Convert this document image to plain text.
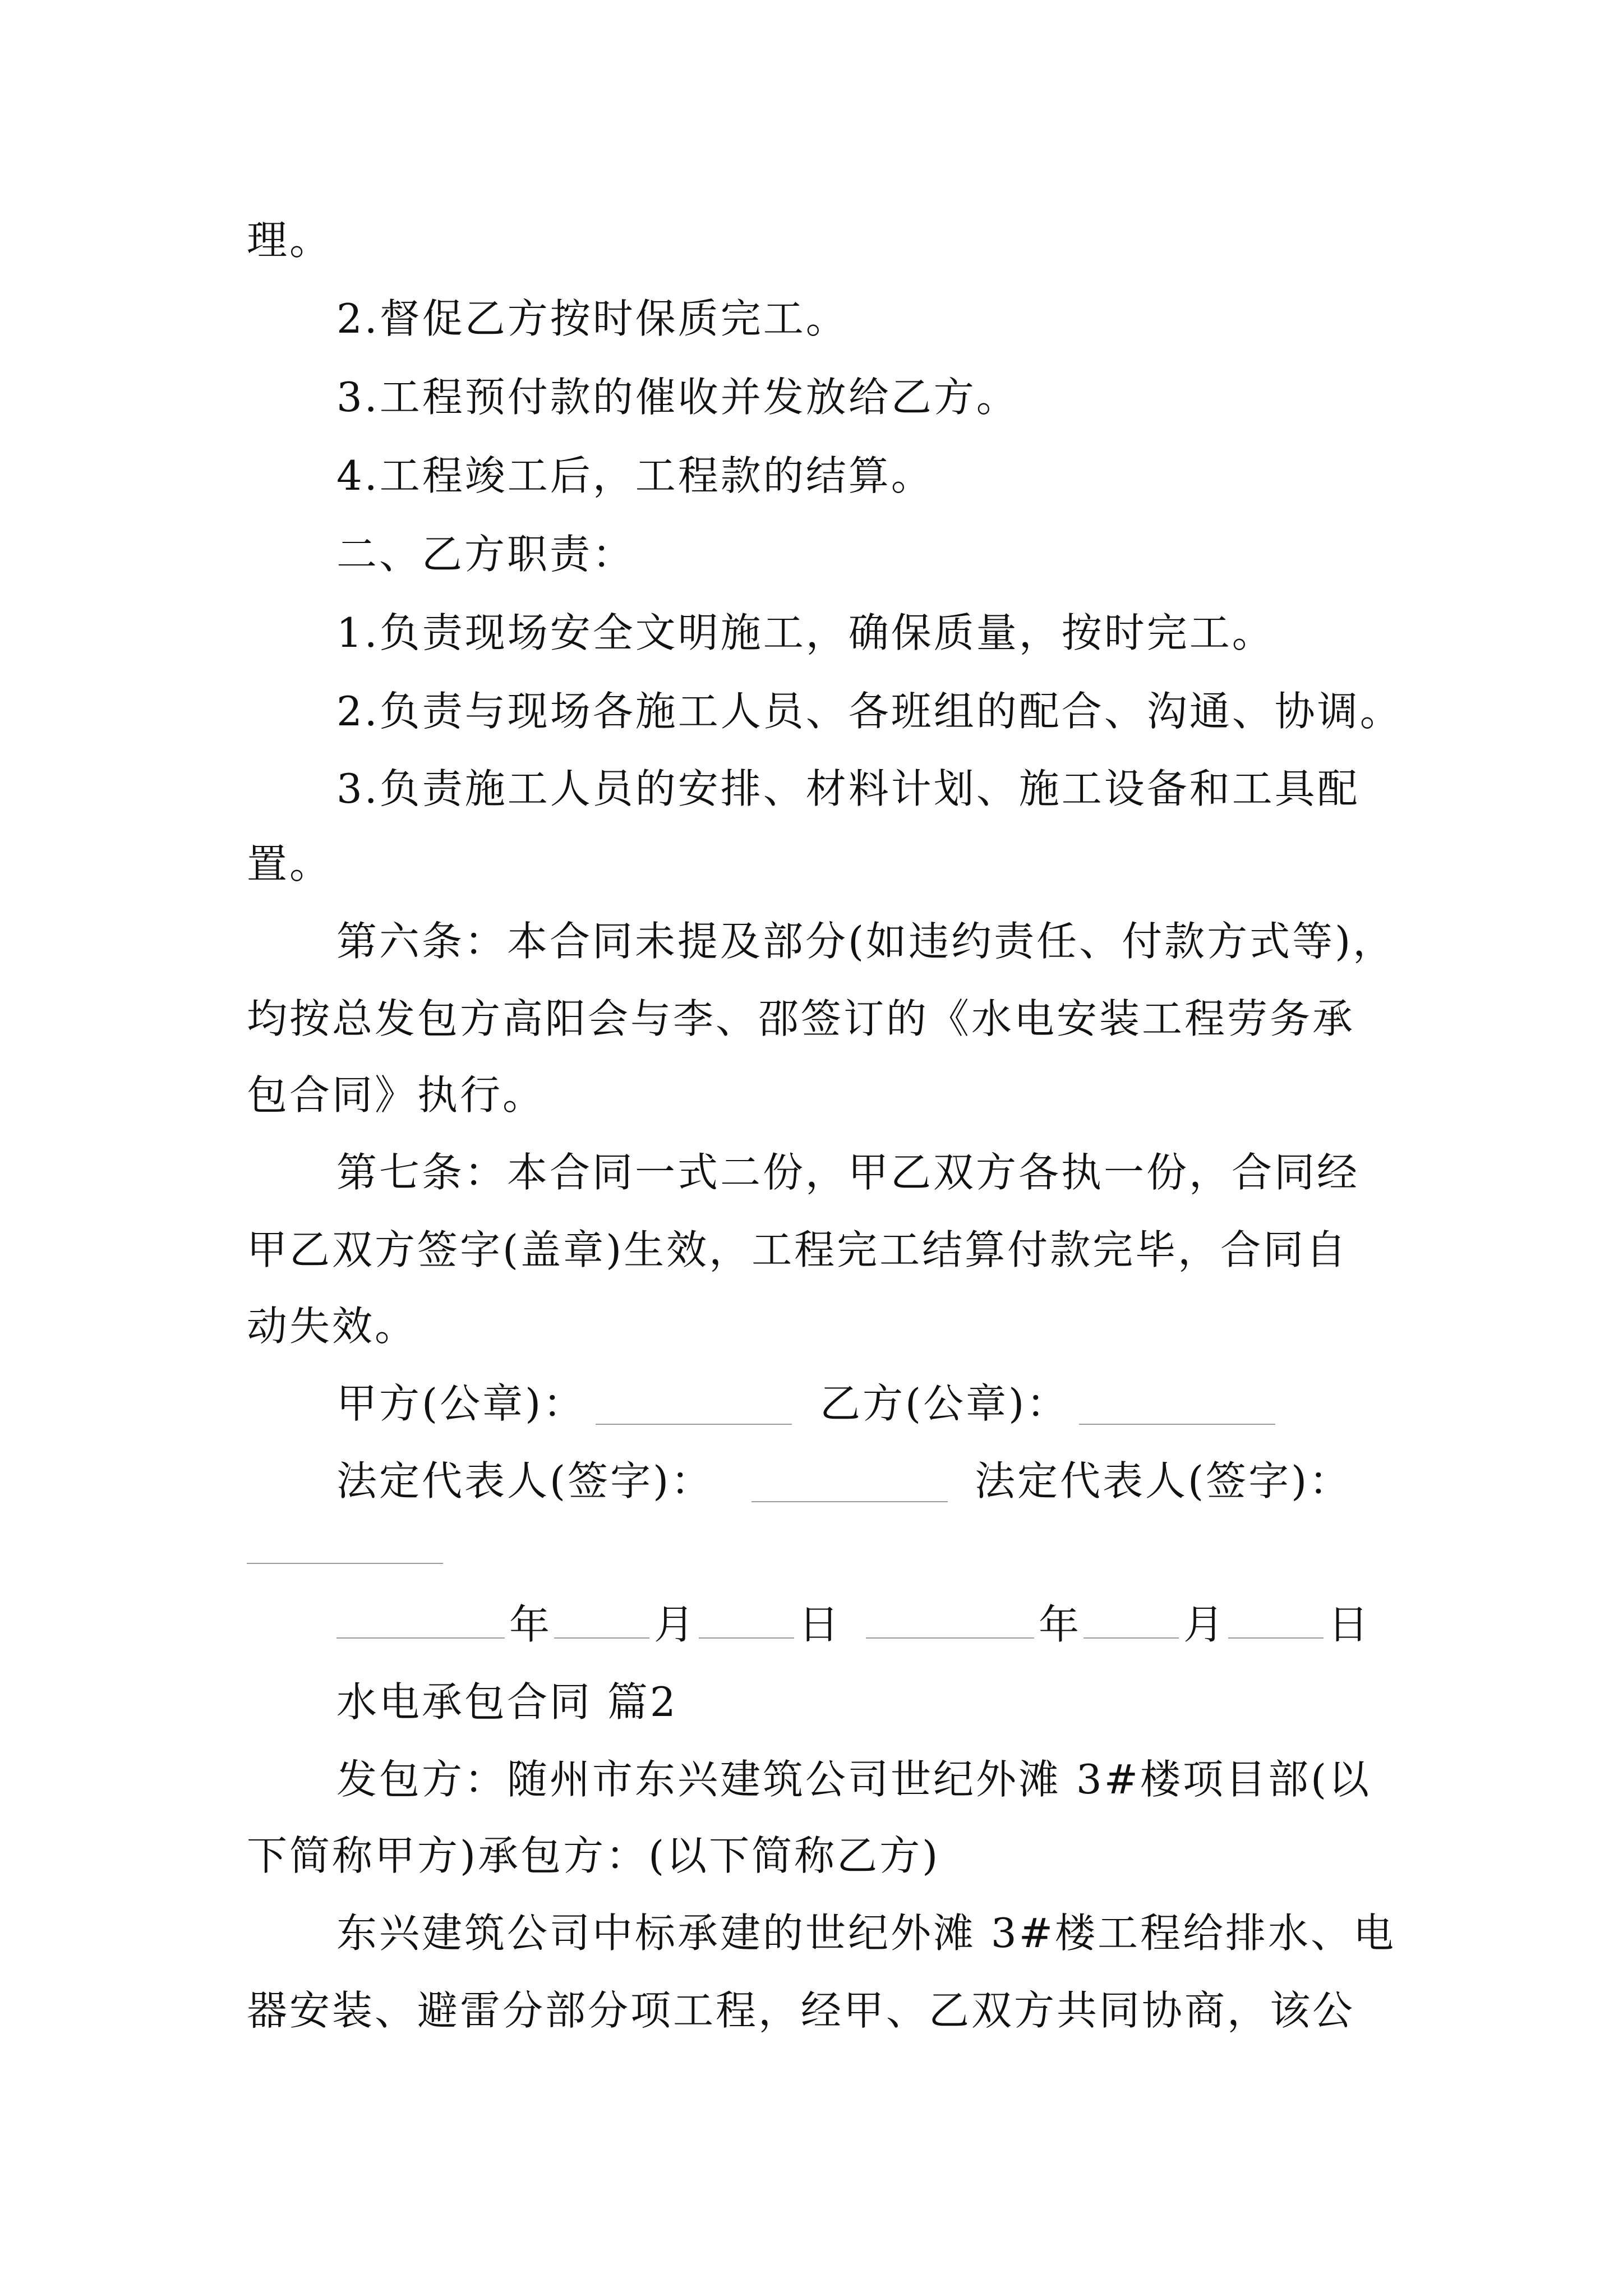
理。
2.督促乙方按时保质完工。
3.工程预付款的催收并发放给乙方。
4.工程竣工后，工程款的结算。
二、乙方职责：
1.负责现场安全文明施工，确保质量，按时完工。
2.负责与现场各施工人员、各班组的配合、沟通、协调。
3.负责施工人员的安排、材料计划、施工设备和工具配
置。
第六条：本合同未提及部分(如违约责任、付款方式等)，
均按总发包方高阳会与李、邵签订的《水电安装工程劳务承
包合同》执行。
第七条：本合同一式二份，甲乙双方各执一份，合同经
甲乙双方签字(盖章)生效，工程完工结算付款完毕，合同自
动失效。
甲方(公章)：	乙方(公章)：
法定代表人(签字)：	法定代表人(签字)：
年	月	日	年	月	日
水电承包合同 篇2
发包方：随州市东兴建筑公司世纪外滩 3#楼项目部(以
下简称甲方)承包方：(以下简称乙方)
东兴建筑公司中标承建的世纪外滩 3#楼工程给排水、电
器安装、避雷分部分项工程，经甲、乙双方共同协商，该公
